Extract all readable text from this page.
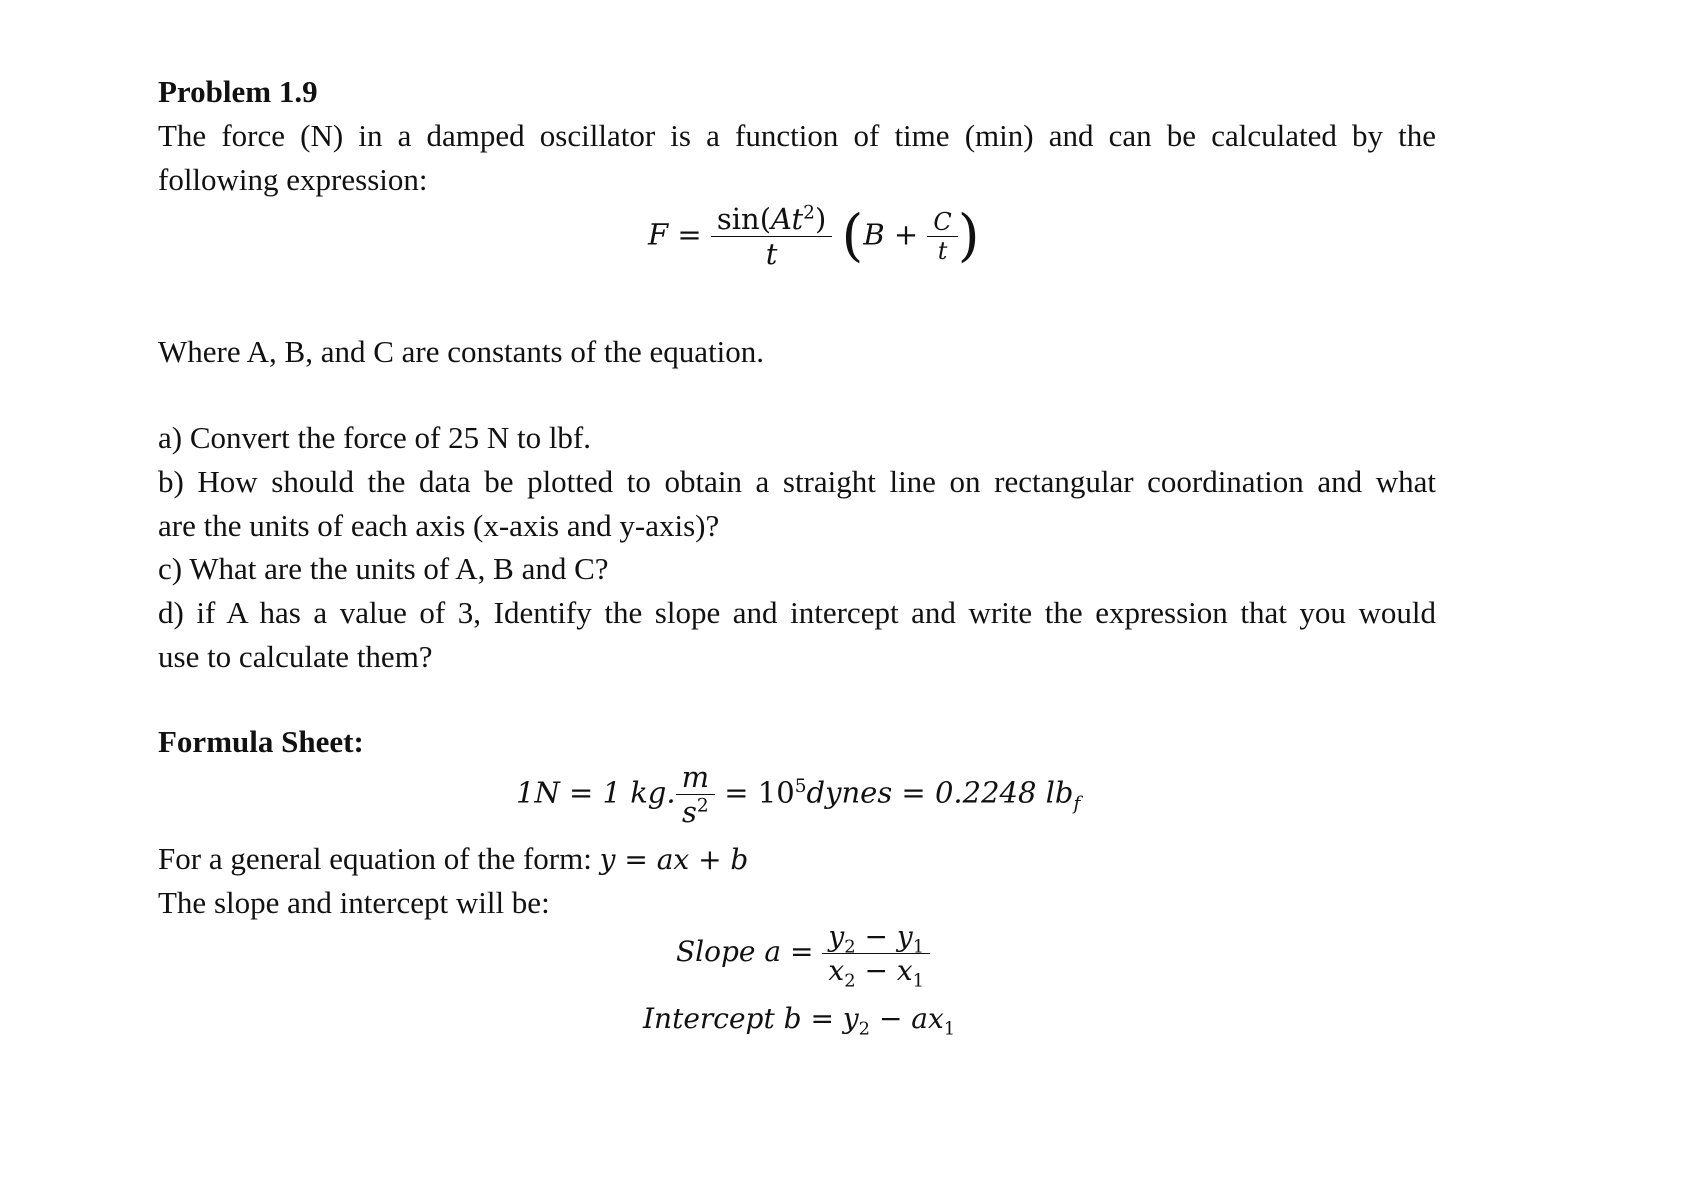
Problem 1.9
The force (N) in a damped oscillator is a function of time (min) and can be calculated by the
following expression:
$F = \frac{\sin(At^2)}{t} (B + \frac{C}{t}$ )
Where A, B, and C are constants of the equation.
a) Convert the force of 25 N to lbf.
b) How should the data be plotted to obtain a straight line on rectangular coordination and what
are the units of each axis (x-axis and y-axis)?
c) What are the units of A, B and C?
d) if A has a value of 3, Identify the slope and intercept and write the expression that you would
use to calculate them?
Formula Sheet:
1N = 1 kg. $\frac{m}{s^2}$ = $10^5dynes = 0.2248$ $lb_f$
For a general equation of the form: y = ax + b
The slope and intercept will be:
Slope $a = \frac{y_2 - y_1}{x_2 - x_1}$
Intercept $b = y_2 - ax_1$
